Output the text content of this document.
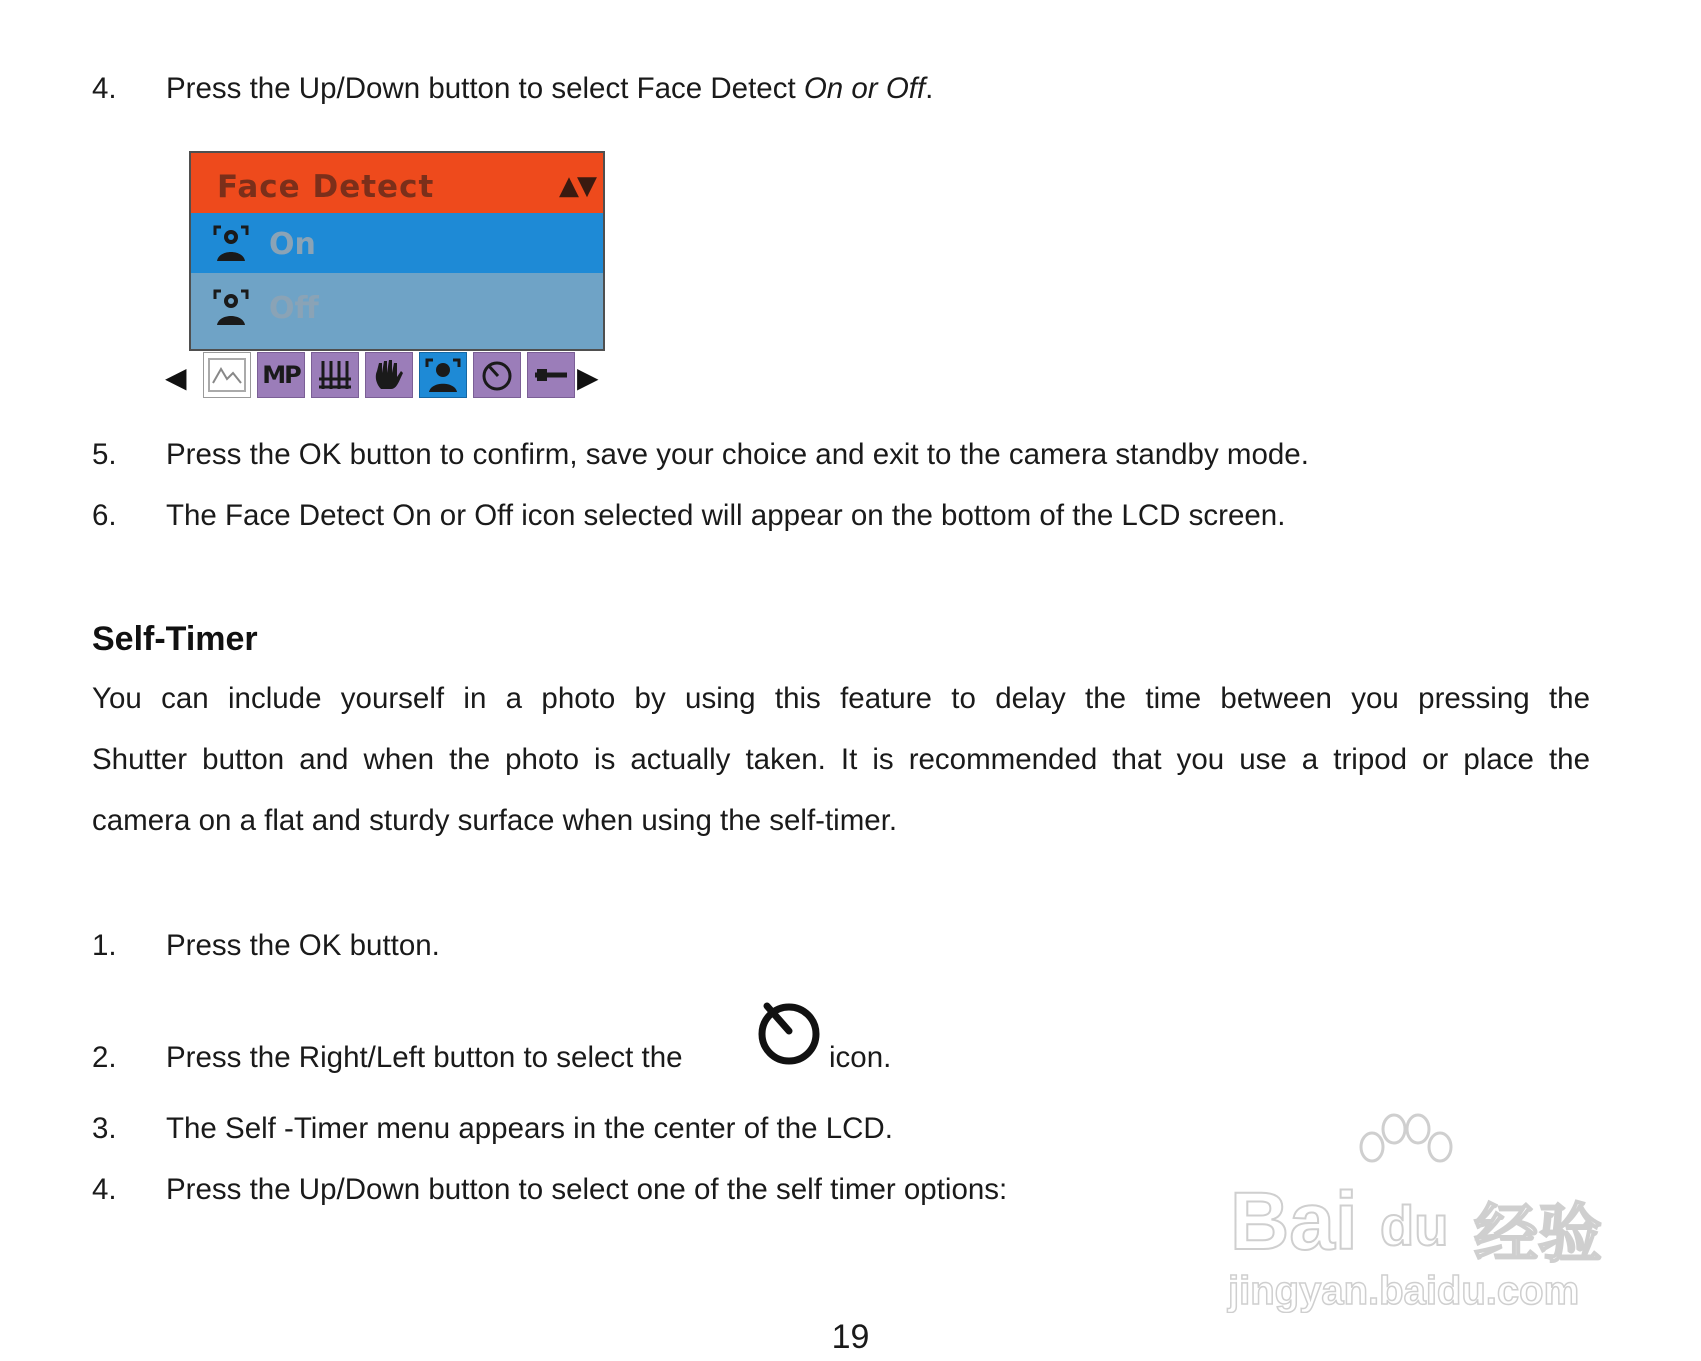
4. Press the Up/Down button to select Face Detect On or Off.
Face Detect	▲▼
On
Off
◀	MP	▶
5. Press the OK button to confirm, save your choice and exit to the camera standby mode.
6. The Face Detect On or Off icon selected will appear on the bottom of the LCD screen.
Self-Timer
You can include yourself in a photo by using this feature to delay the time between you pressing the
Shutter button and when the photo is actually taken. It is recommended that you use a tripod or place the
camera on a flat and sturdy surface when using the self-timer.
1. Press the OK button.
2. Press the Right/Left button to select the	icon.
3. The Self -Timer menu appears in the center of the LCD.
4. Press the Up/Down button to select one of the self timer options:	Bai du 经验
jingyan.baidu.com
19
